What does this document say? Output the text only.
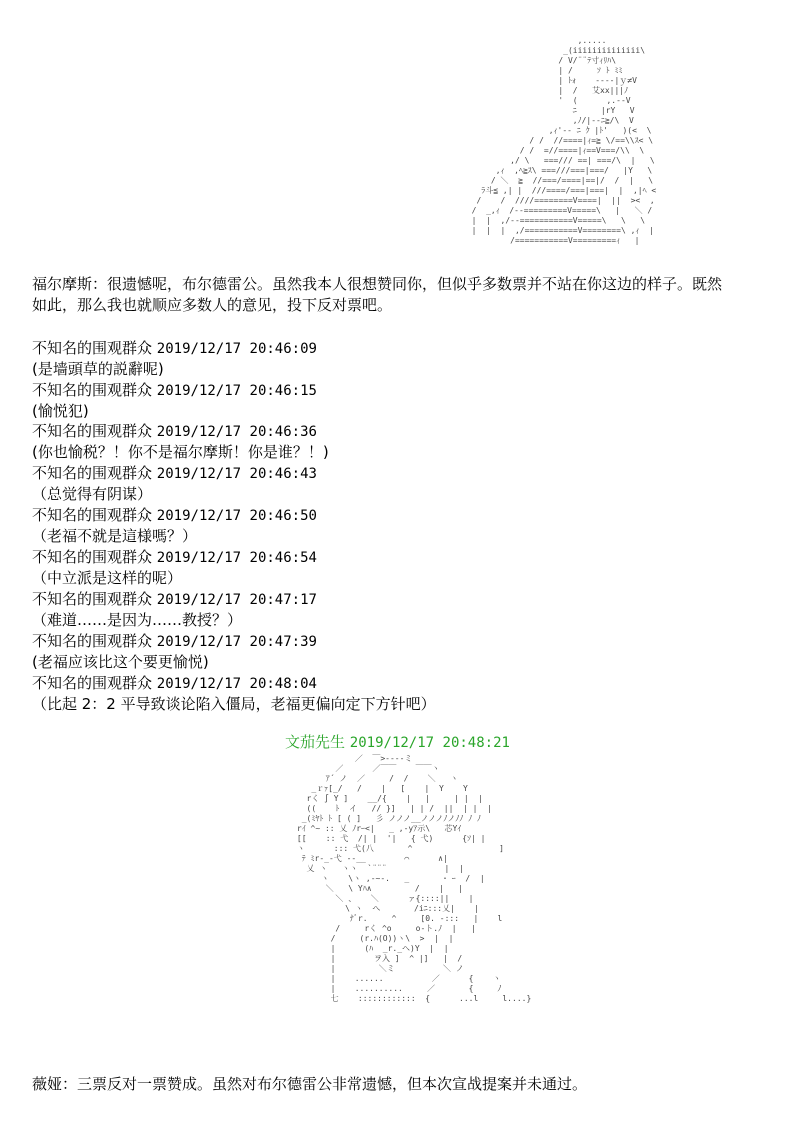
,.....
_(iiiiiiiiiiiiii\
/ V/¨¨ﾃ寸ｨﾘﾊ\
| /     ｿ ﾄ ﾐﾐ
| ﾄｫ    ----|ｙ≠V
|  /   艾xx|||ﾉ
'  (      ,.--V
ﾆ     |rY   V
,ﾉ/|--ﾆ≧/\  V
,ｨ'-- ﾆ ｸ |ﾄ'   )(<  \
/ /  //====|ｨ=≧ \/==\\ｽ< \
/ /  =//====|ｨ==V===/\\  \
,/ \   ===/// ==| ===/\  |   \
,ｨ  ,ﾍ≧ｽ\ ===///===|===/   |Y   \
/ ＼  ≧  //===/====|==|/  /  |   \
ﾗ斗≦ ,| |  ///====/===|===|  |  ,|ﾍ <
/    /  ////========V====|  ||  ><  ,
/  _,ｨ  /--=========V=====\   |   ＼ /
|  |  ,/--===========V=====\   \   \
|  |  |  ,/===========V========\ ,ｨ  |
/===========V=========ｨ   |

福尔摩斯：很遗憾呢，布尔德雷公。虽然我本人很想赞同你，但似乎多数票并不站在你这边的样子。既然
如此，那么我也就顺应多数人的意见，投下反对票吧。
不知名的围观群众 2019/12/17 20:46:09
(是墙頭草的説辭呢)
不知名的围观群众 2019/12/17 20:46:15
(愉悦犯)
不知名的围观群众 2019/12/17 20:46:36
(你也愉税？！你不是福尔摩斯！你是谁？！)
不知名的围观群众 2019/12/17 20:46:43
（总觉得有阴谋）
不知名的围观群众 2019/12/17 20:46:50
（老福不就是這様嗎？）
不知名的围观群众 2019/12/17 20:46:54
（中立派是这样的呢）
不知名的围观群众 2019/12/17 20:47:17
（难道……是因为……教授？）
不知名的围观群众 2019/12/17 20:47:39
(老福应该比这个要更愉悦)
不知名的围观群众 2019/12/17 20:48:04
（比起 2：2 平导致谈论陷入僵局，老福更偏向定下方针吧）
文茄先生 2019/12/17 20:48:21
／  ￣>‐---ミ
／      ／￣￣    ￣￣ヽ
ｱ´ ノ  ／     /  /    ＼   ヽ
_ｒｧ[_/   /    |   [    |  Y    Y
rく ∫ Y ]    __/{    |   |     | |  |
((    ﾄ  イ   // }]   | | /  ||  | |  |
_(ﾐﾔﾄ ﾄ [ ( ]   彡 ノノノ__ノノノﾉノﾉﾉ ﾉ ﾉ
rｲ ^~ :: 乂 ﾉrｰ<|   _ ,-yｱ示\   芯Yｲ
[[    :: 弋  /| |  '|   { 弋)      {ｿ| |
ヽ      ::: 弋(八       ^                  ]
ﾃ ﾐr-_-弋 ‐-__        ⌒      ∧|
乂 ヽ   ヽヽ  `¨¨¨            |  |
ヽ    \ヽ ,-~-.   _       ･ ｰ  /  |
＼   \ Yﾊ∧         /    |   |
＼ 、   ＼      ァ{::::||    |
\ ヽ  へ       /iﾆ:::乂|    |
ﾅﾞr.     ^     [0. -:::   |    l
/     rく ^o     o-ト.ﾉ  |   |
/     (r.ﾊ(O))ヽ\  >  |  |
|      (ﾊ  _r._ヘ)Y  |  |
|        ヲ入 ]  ^ |]   |  /
|         ＼ミ          ＼ ノ
|    ......          ／      {    ヽ
|    ..........     ／       {     ﾉ
七    ::::::::::::  {      ...l     l....}

薇娅：三票反对一票赞成。虽然对布尔德雷公非常遗憾，但本次宣战提案并未通过。
